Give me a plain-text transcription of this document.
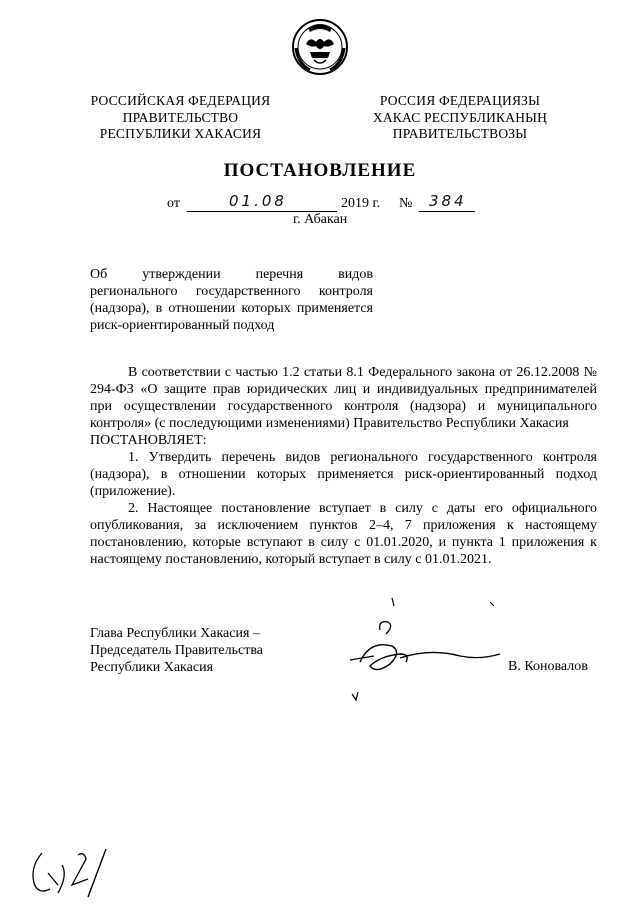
РОССИЙСКАЯ ФЕДЕРАЦИЯ
ПРАВИТЕЛЬСТВО
РЕСПУБЛИКИ ХАКАСИЯ
РОССИЯ ФЕДЕРАЦИЯЗЫ
ХАКАС РЕСПУБЛИКАНЫҢ
ПРАВИТЕЛЬСТВОЗЫ
ПОСТАНОВЛЕНИЕ
от	01.08	2019 г. № 384
г. Абакан
Об утверждении перечня видов
регионального государственного контроля
(надзора), в отношении которых применяется
риск-ориентированный подход

В соответствии с частью 1.2 статьи 8.1 Федерального закона от 26.12.2008 № 294-ФЗ «О защите прав юридических лиц и индивидуальных предпринимателей при осуществлении государственного контроля (надзора) и муниципального контроля» (с последующими изменениями) Правительство Республики Хакасия

ПОСТАНОВЛЯЕТ:

1. Утвердить перечень видов регионального государственного контроля (надзора), в отношении которых применяется риск-ориентированный подход (приложение).

2. Настоящее постановление вступает в силу с даты его официального опубликования, за исключением пунктов 2–4, 7 приложения к настоящему постановлению, которые вступают в силу с 01.01.2020, и пункта 1 приложения к настоящему постановлению, который вступает в силу с 01.01.2021.

Глава Республики Хакасия –
Председатель Правительства
Республики Хакасия	В. Коновалов
